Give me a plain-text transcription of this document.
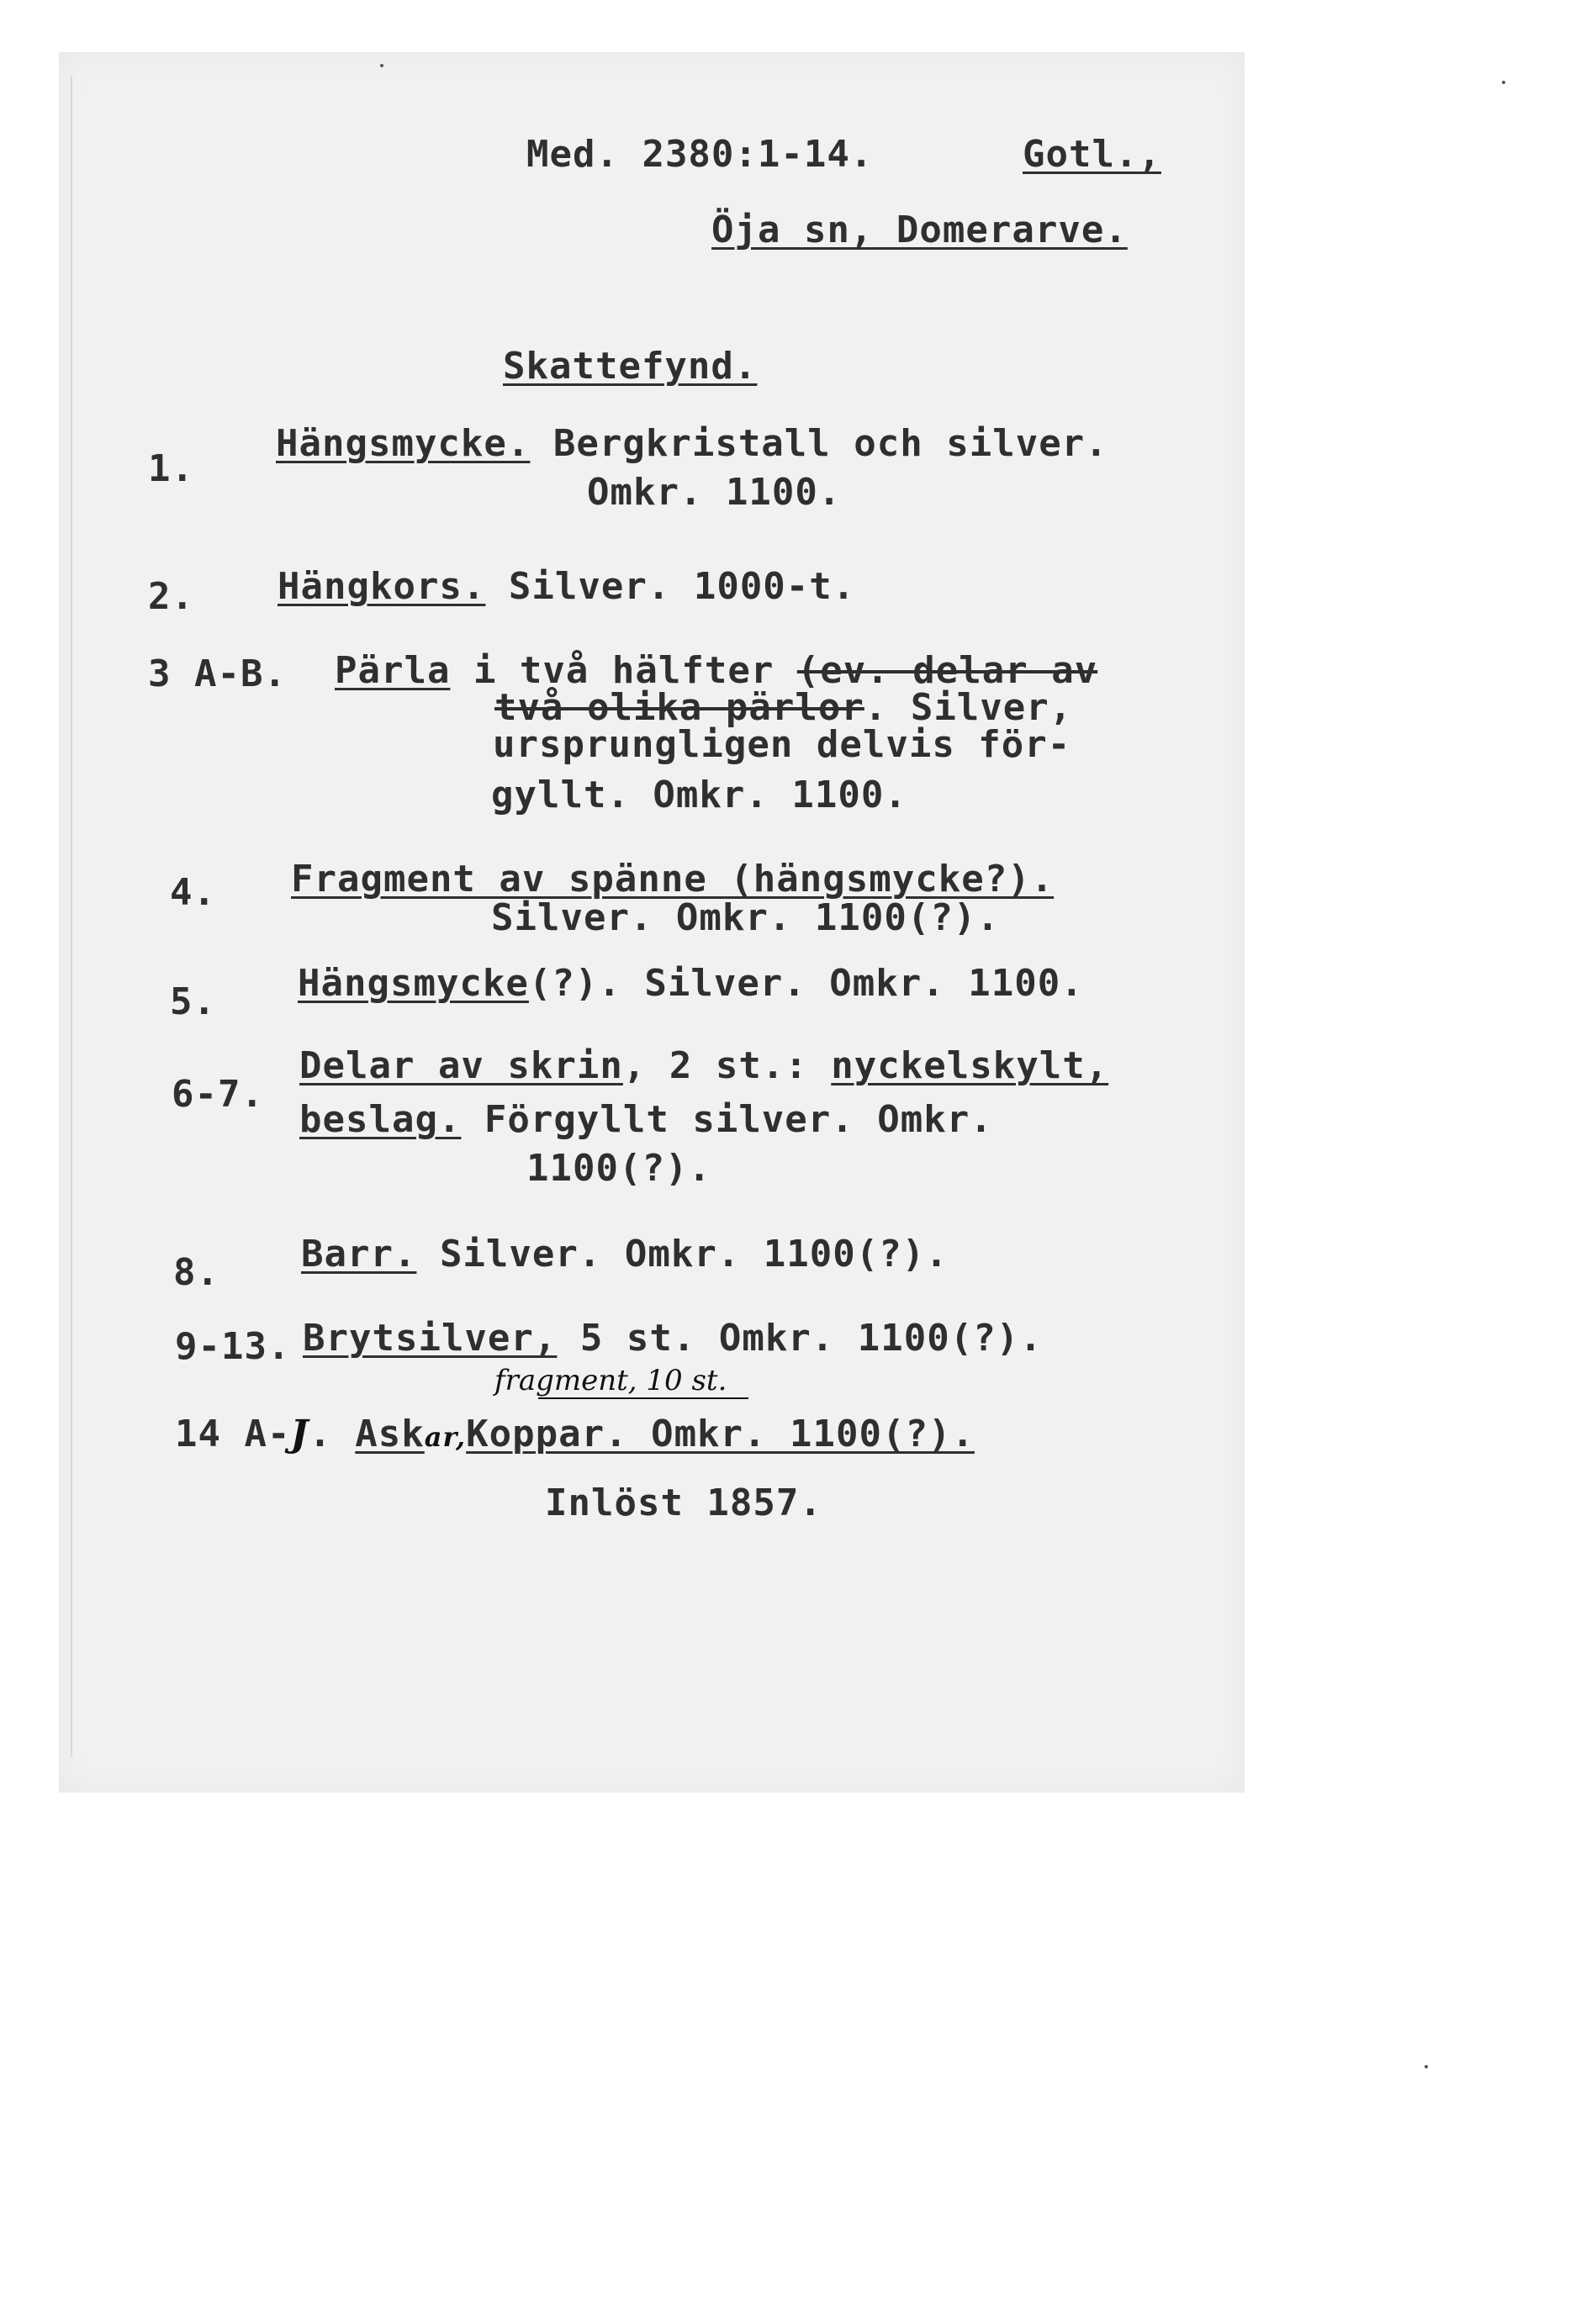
Med. 2380:1-14.	Gotl.,
Öja sn, Domerarve.
Skattefynd.
1.
Hängsmycke. Bergkristall och silver.
Omkr. 1100.
2. Hängkors. Silver. 1000-t.
3 A-B. Pärla i två hälfter (ev. delar av
två olika pärlor. Silver,
ursprungligen delvis för-
gyllt. Omkr. 1100.
4. Fragment av spänne (hängsmycke?).
Silver. Omkr. 1100(?).
5. Hängsmycke(?). Silver. Omkr. 1100.
6-7.
Delar av skrin, 2 st.: nyckelskylt,
beslag. Förgyllt silver. Omkr.
1100(?).
8. Barr. Silver. Omkr. 1100(?).
9-13. Brytsilver, 5 st. Omkr. 1100(?).
fragment, 10 st.
14 A-J. Askar,Koppar. Omkr. 1100(?).
Inlöst 1857.
